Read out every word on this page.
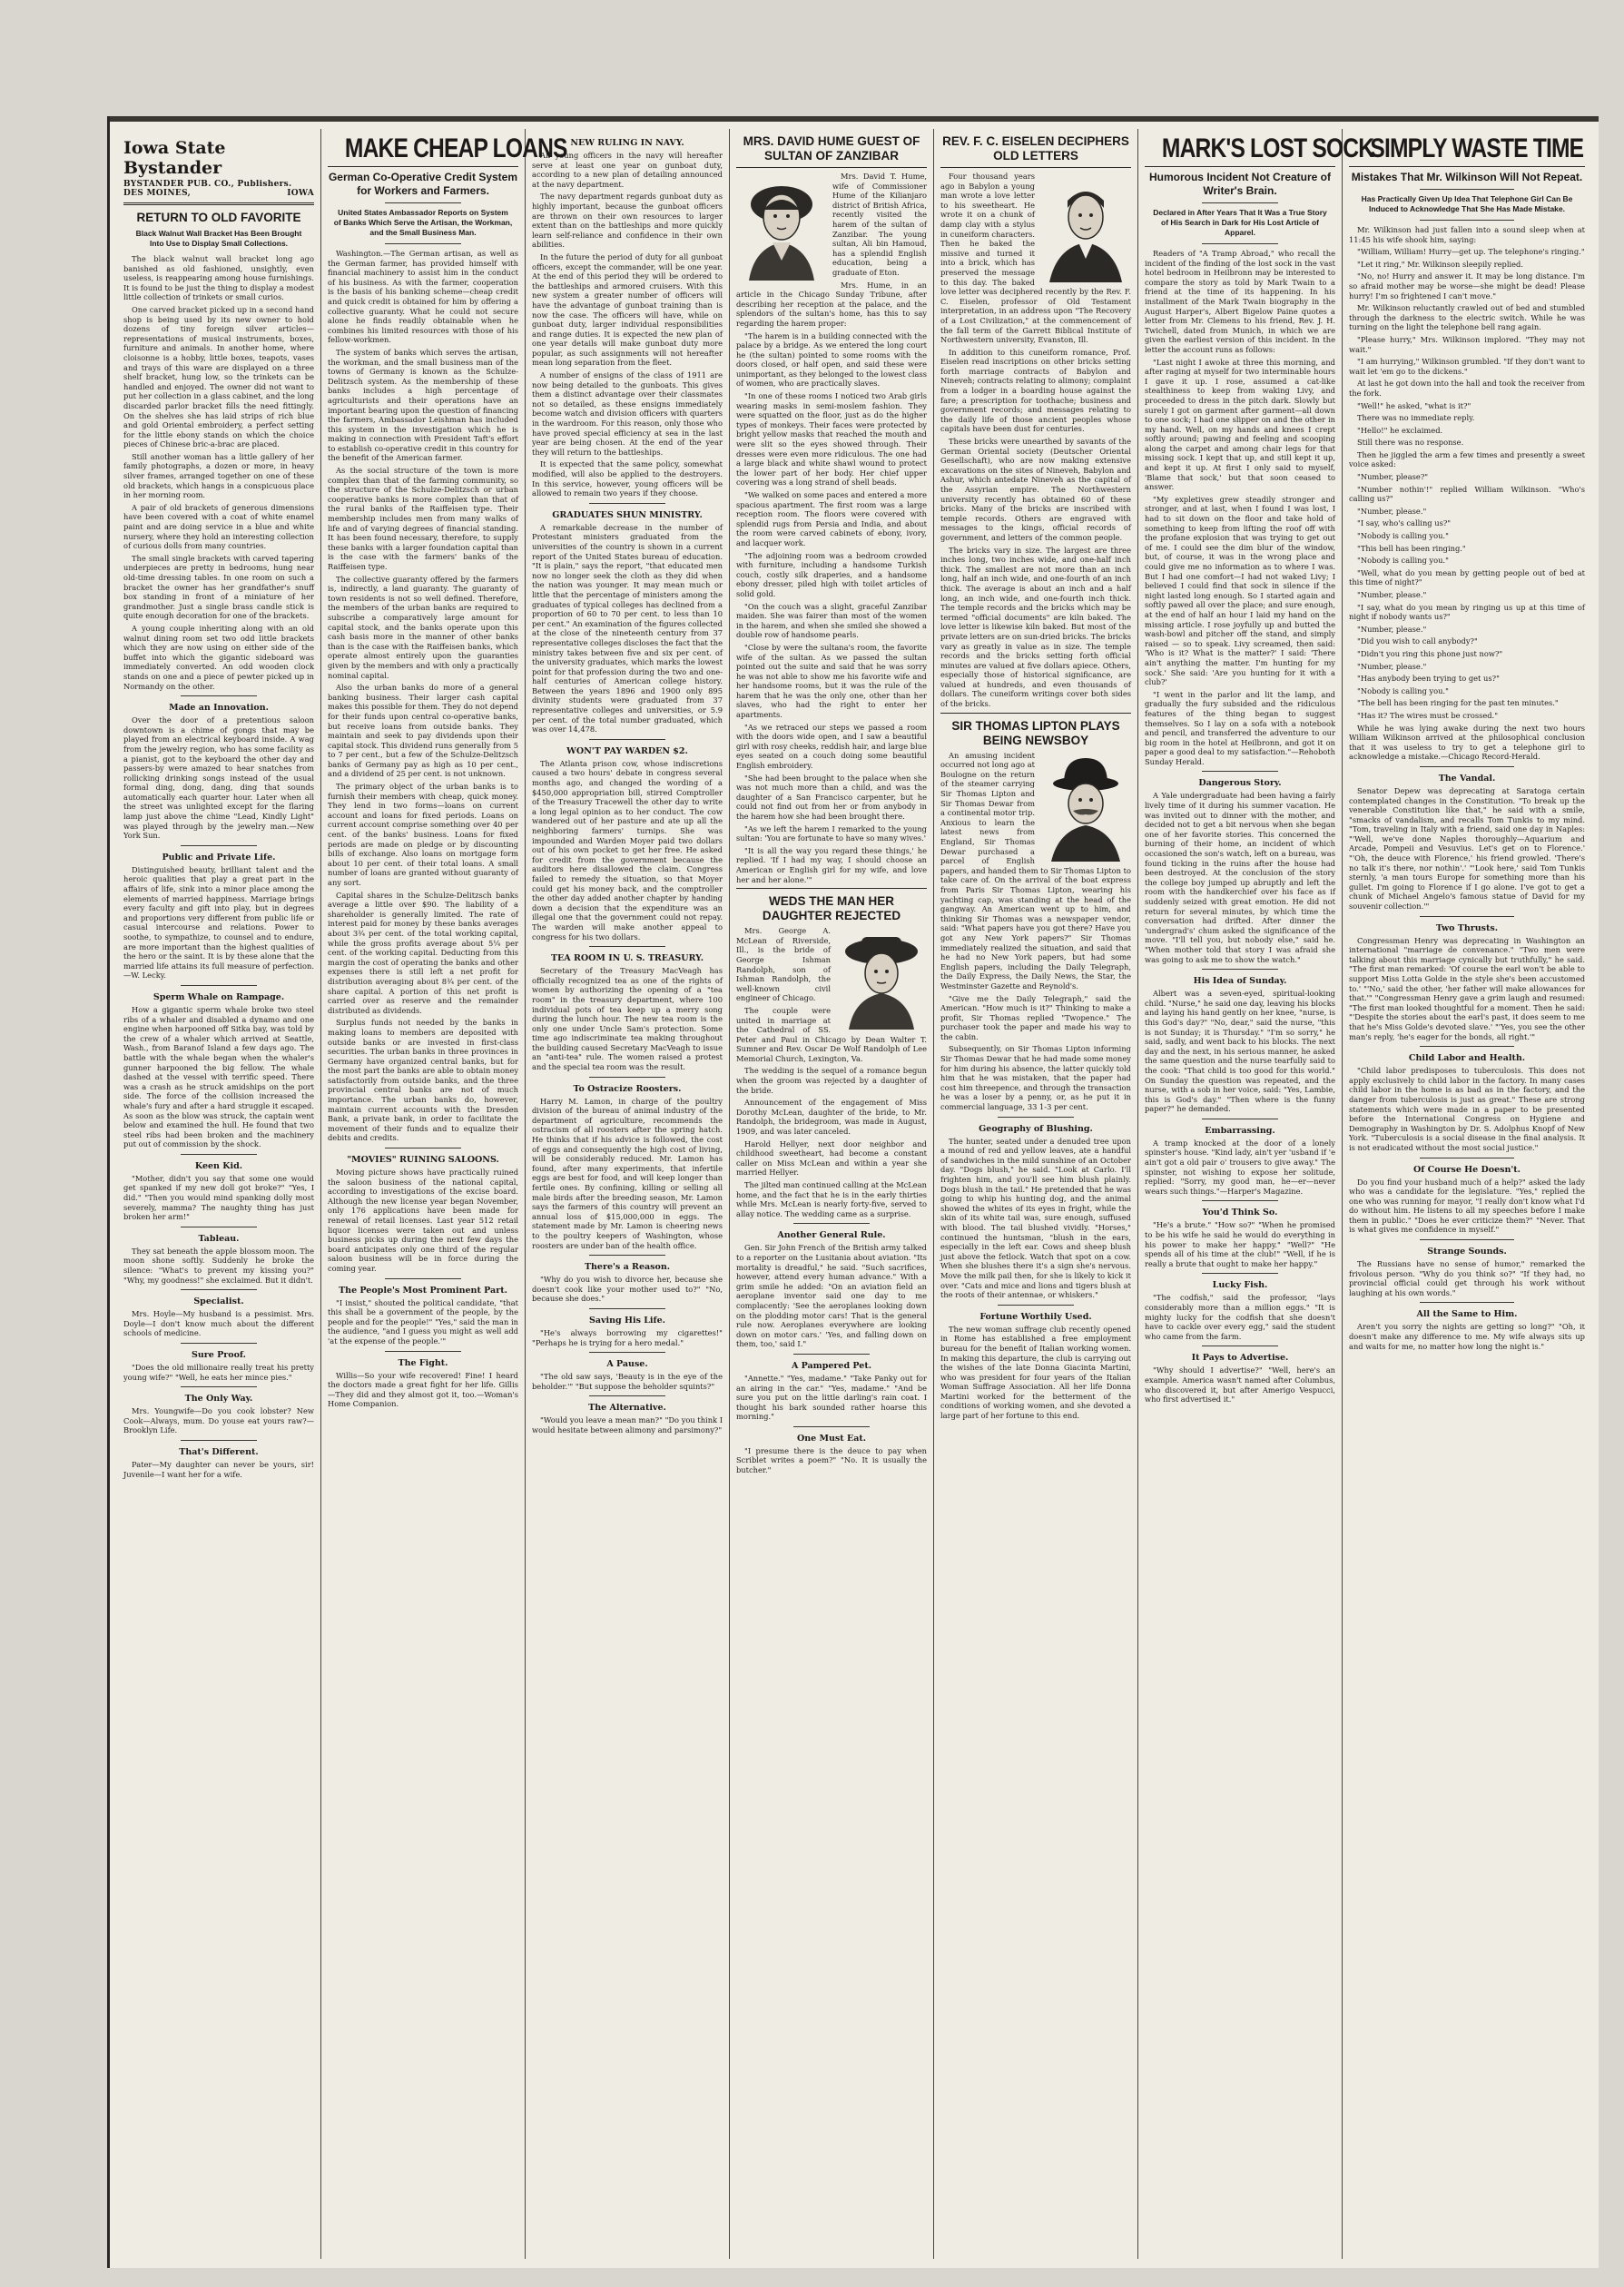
Iowa State Bystander
BYSTANDER PUB. CO., Publishers.
DES MOINES,	IOWA
RETURN TO OLD FAVORITE
Black Walnut Wall Bracket Has Been Brought Into Use to Display Small Collections.

The black walnut wall bracket long ago banished as old fashioned, unsightly, even useless, is reappearing among house furnishings. It is found to be just the thing to display a modest little collection of trinkets or small curios.

One carved bracket picked up in a second hand shop is being used by its new owner to hold dozens of tiny foreign silver articles—representations of musical instruments, boxes, furniture and animals. In another home, where cloisonne is a hobby, little boxes, teapots, vases and trays of this ware are displayed on a three shelf bracket, hung low, so the trinkets can be handled and enjoyed. The owner did not want to put her collection in a glass cabinet, and the long discarded parlor bracket fills the need fittingly. On the shelves she has laid strips of rich blue and gold Oriental embroidery, a perfect setting for the little ebony stands on which the choice pieces of Chinese bric-a-brac are placed.

Still another woman has a little gallery of her family photographs, a dozen or more, in heavy silver frames, arranged together on one of these old brackets, which hangs in a conspicuous place in her morning room.

A pair of old brackets of generous dimensions have been covered with a coat of white enamel paint and are doing service in a blue and white nursery, where they hold an interesting collection of curious dolls from many countries.

The small single brackets with carved tapering underpieces are pretty in bedrooms, hung near old-time dressing tables. In one room on such a bracket the owner has her grandfather's snuff box standing in front of a miniature of her grandmother. Just a single brass candle stick is quite enough decoration for one of the brackets.

A young couple inheriting along with an old walnut dining room set two odd little brackets which they are now using on either side of the buffet into which the gigantic sideboard was immediately converted. An odd wooden clock stands on one and a piece of pewter picked up in Normandy on the other.

Made an Innovation.

Over the door of a pretentious saloon downtown is a chime of gongs that may be played from an electrical keyboard inside. A wag from the jewelry region, who has some facility as a pianist, got to the keyboard the other day and passers-by were amazed to hear snatches from rollicking drinking songs instead of the usual formal ding, dong, dang, ding that sounds automatically each quarter hour. Later when all the street was unlighted except for the flaring lamp just above the chime "Lead, Kindly Light" was played through by the jewelry man.—New York Sun.

Public and Private Life.

Distinguished beauty, brilliant talent and the heroic qualities that play a great part in the affairs of life, sink into a minor place among the elements of married happiness. Marriage brings every faculty and gift into play, but in degrees and proportions very different from public life or casual intercourse and relations. Power to soothe, to sympathize, to counsel and to endure, are more important than the highest qualities of the hero or the saint. It is by these alone that the married life attains its full measure of perfection.—W. Lecky.

Sperm Whale on Rampage.

How a gigantic sperm whale broke two steel ribs of a whaler and disabled a dynamo and one engine when harpooned off Sitka bay, was told by the crew of a whaler which arrived at Seattle, Wash., from Baranof Island a few days ago. The battle with the whale began when the whaler's gunner harpooned the big fellow. The whale dashed at the vessel with terrific speed. There was a crash as he struck amidships on the port side. The force of the collision increased the whale's fury and after a hard struggle it escaped. As soon as the blow was struck, the captain went below and examined the hull. He found that two steel ribs had been broken and the machinery put out of commission by the shock.

Keen Kid.

"Mother, didn't you say that some one would get spanked if my new doll got broke?" "Yes, I did." "Then you would mind spanking dolly most severely, mamma? The naughty thing has just broken her arm!"

Tableau.

They sat beneath the apple blossom moon. The moon shone softly. Suddenly he broke the silence: "What's to prevent my kissing you?" "Why, my goodness!" she exclaimed. But it didn't.

Specialist.

Mrs. Hoyle—My husband is a pessimist. Mrs. Doyle—I don't know much about the different schools of medicine.

Sure Proof.

"Does the old millionaire really treat his pretty young wife?" "Well, he eats her mince pies."

The Only Way.

Mrs. Youngwife—Do you cook lobster? New Cook—Always, mum. Do youse eat yours raw?—Brooklyn Life.

That's Different.

Pater—My daughter can never be yours, sir! Juvenile—I want her for a wife.

MAKE CHEAP LOANS
German Co-Operative Credit System for Workers and Farmers.
United States Ambassador Reports on System of Banks Which Serve the Artisan, the Workman, and the Small Business Man.

Washington.—The German artisan, as well as the German farmer, has provided himself with financial machinery to assist him in the conduct of his business. As with the farmer, cooperation is the basis of his banking scheme—cheap credit and quick credit is obtained for him by offering a collective guaranty. What he could not secure alone he finds readily obtainable when he combines his limited resources with those of his fellow-workmen.

The system of banks which serves the artisan, the workman, and the small business man of the towns of Germany is known as the Schulze-Delitzsch system. As the membership of these banks includes a high percentage of agriculturists and their operations have an important bearing upon the question of financing the farmers, Ambassador Leishman has included this system in the investigation which he is making in connection with President Taft's effort to establish co-operative credit in this country for the benefit of the American farmer.

As the social structure of the town is more complex than that of the farming community, so the structure of the Schulze-Delitzsch or urban cooperative banks is more complex than that of the rural banks of the Raiffeisen type. Their membership includes men from many walks of life and of varying degrees of financial standing. It has been found necessary, therefore, to supply these banks with a larger foundation capital than is the case with the farmers' banks of the Raiffeisen type.

The collective guaranty offered by the farmers is, indirectly, a land guaranty. The guaranty of town residents is not so well defined. Therefore, the members of the urban banks are required to subscribe a comparatively large amount for capital stock, and the banks operate upon this cash basis more in the manner of other banks than is the case with the Raiffeisen banks, which operate almost entirely upon the guaranties given by the members and with only a practically nominal capital.

Also the urban banks do more of a general banking business. Their larger cash capital makes this possible for them. They do not depend for their funds upon central co-operative banks, but receive loans from outside banks. They maintain and seek to pay dividends upon their capital stock. This dividend runs generally from 5 to 7 per cent., but a few of the Schulze-Delitzsch banks of Germany pay as high as 10 per cent., and a dividend of 25 per cent. is not unknown.

The primary object of the urban banks is to furnish their members with cheap, quick money. They lend in two forms—loans on current account and loans for fixed periods. Loans on current account comprise something over 40 per cent. of the banks' business. Loans for fixed periods are made on pledge or by discounting bills of exchange. Also loans on mortgage form about 10 per cent. of their total loans. A small number of loans are granted without guaranty of any sort.

Capital shares in the Schulze-Delitzsch banks average a little over $90. The liability of a shareholder is generally limited. The rate of interest paid for money by these banks averages about 3¾ per cent. of the total working capital, while the gross profits average about 5¼ per cent. of the working capital. Deducting from this margin the cost of operating the banks and other expenses there is still left a net profit for distribution averaging about 8¾ per cent. of the share capital. A portion of this net profit is carried over as reserve and the remainder distributed as dividends.

Surplus funds not needed by the banks in making loans to members are deposited with outside banks or are invested in first-class securities. The urban banks in three provinces in Germany have organized central banks, but for the most part the banks are able to obtain money satisfactorily from outside banks, and the three provincial central banks are not of much importance. The urban banks do, however, maintain current accounts with the Dresden Bank, a private bank, in order to facilitate the movement of their funds and to equalize their debits and credits.

"MOVIES" RUINING SALOONS.

Moving picture shows have practically ruined the saloon business of the national capital, according to investigations of the excise board. Although the new license year began November, only 176 applications have been made for renewal of retail licenses. Last year 512 retail liquor licenses were taken out and unless business picks up during the next few days the board anticipates only one third of the regular saloon business will be in force during the coming year.

The People's Most Prominent Part.

"I insist," shouted the political candidate, "that this shall be a government of the people, by the people and for the people!" "Yes," said the man in the audience, "and I guess you might as well add 'at the expense of the people.'"

The Fight.

Willis—So your wife recovered! Fine! I heard the doctors made a great fight for her life. Gillis—They did and they almost got it, too.—Woman's Home Companion.

NEW RULING IN NAVY.

All young officers in the navy will hereafter serve at least one year on gunboat duty, according to a new plan of detailing announced at the navy department.

The navy department regards gunboat duty as highly important, because the gunboat officers are thrown on their own resources to larger extent than on the battleships and more quickly learn self-reliance and confidence in their own abilities.

In the future the period of duty for all gunboat officers, except the commander, will be one year. At the end of this period they will be ordered to the battleships and armored cruisers. With this new system a greater number of officers will have the advantage of gunboat training than is now the case. The officers will have, while on gunboat duty, larger individual responsibilities and range duties. It is expected the new plan of one year details will make gunboat duty more popular, as such assignments will not hereafter mean long separation from the fleet.

A number of ensigns of the class of 1911 are now being detailed to the gunboats. This gives them a distinct advantage over their classmates not so detailed, as these ensigns immediately become watch and division officers with quarters in the wardroom. For this reason, only those who have proved special efficiency at sea in the last year are being chosen. At the end of the year they will return to the battleships.

It is expected that the same policy, somewhat modified, will also be applied to the destroyers. In this service, however, young officers will be allowed to remain two years if they choose.

GRADUATES SHUN MINISTRY.

A remarkable decrease in the number of Protestant ministers graduated from the universities of the country is shown in a current report of the United States bureau of education. "It is plain," says the report, "that educated men now no longer seek the cloth as they did when the nation was younger. It may mean much or little that the percentage of ministers among the graduates of typical colleges has declined from a proportion of 60 to 70 per cent. to less than 10 per cent." An examination of the figures collected at the close of the nineteenth century from 37 representative colleges discloses the fact that the ministry takes between five and six per cent. of the university graduates, which marks the lowest point for that profession during the two and one-half centuries of American college history. Between the years 1896 and 1900 only 895 divinity students were graduated from 37 representative colleges and universities, or 5.9 per cent. of the total number graduated, which was over 14,478.

WON'T PAY WARDEN $2.

The Atlanta prison cow, whose indiscretions caused a two hours' debate in congress several months ago, and changed the wording of a $450,000 appropriation bill, stirred Comptroller of the Treasury Tracewell the other day to write a long legal opinion as to her conduct. The cow wandered out of her pasture and ate up all the neighboring farmers' turnips. She was impounded and Warden Moyer paid two dollars out of his own pocket to get her free. He asked for credit from the government because the auditors here disallowed the claim. Congress failed to remedy the situation, so that Moyer could get his money back, and the comptroller the other day added another chapter by handing down a decision that the expenditure was an illegal one that the government could not repay. The warden will make another appeal to congress for his two dollars.

TEA ROOM IN U. S. TREASURY.

Secretary of the Treasury MacVeagh has officially recognized tea as one of the rights of women by authorizing the opening of a "tea room" in the treasury department, where 100 individual pots of tea keep up a merry song during the lunch hour. The new tea room is the only one under Uncle Sam's protection. Some time ago indiscriminate tea making throughout the building caused Secretary MacVeagh to issue an "anti-tea" rule. The women raised a protest and the special tea room was the result.

To Ostracize Roosters.

Harry M. Lamon, in charge of the poultry division of the bureau of animal industry of the department of agriculture, recommends the ostracism of all roosters after the spring hatch. He thinks that if his advice is followed, the cost of eggs and consequently the high cost of living, will be considerably reduced. Mr. Lamon has found, after many experiments, that infertile eggs are best for food, and will keep longer than fertile ones. By confining, killing or selling all male birds after the breeding season, Mr. Lamon says the farmers of this country will prevent an annual loss of $15,000,000 in eggs. The statement made by Mr. Lamon is cheering news to the poultry keepers of Washington, whose roosters are under ban of the health office.

There's a Reason.

"Why do you wish to divorce her, because she doesn't cook like your mother used to?" "No, because she does."

Saving His Life.

"He's always borrowing my cigarettes!" "Perhaps he is trying for a hero medal."

A Pause.

"The old saw says, 'Beauty is in the eye of the beholder.'" "But suppose the beholder squints?"

The Alternative.

"Would you leave a mean man?" "Do you think I would hesitate between alimony and parsimony?"

MRS. DAVID HUME GUEST OF SULTAN OF ZANZIBAR

Mrs. David T. Hume, wife of Commissioner Hume of the Kilianjaro district of British Africa, recently visited the harem of the sultan of Zanzibar. The young sultan, Ali bin Hamoud, has a splendid English education, being a graduate of Eton.

Mrs. Hume, in an article in the Chicago Sunday Tribune, after describing her reception at the palace, and the splendors of the sultan's home, has this to say regarding the harem proper:

"The harem is in a building connected with the palace by a bridge. As we entered the long court he (the sultan) pointed to some rooms with the doors closed, or half open, and said these were unimportant, as they belonged to the lowest class of women, who are practically slaves.

"In one of these rooms I noticed two Arab girls wearing masks in semi-moslem fashion. They were squatted on the floor, just as do the higher types of monkeys. Their faces were protected by bright yellow masks that reached the mouth and were slit so the eyes showed through. Their dresses were even more ridiculous. The one had a large black and white shawl wound to protect the lower part of her body. Her chief upper covering was a long strand of shell beads.

"We walked on some paces and entered a more spacious apartment. The first room was a large reception room. The floors were covered with splendid rugs from Persia and India, and about the room were carved cabinets of ebony, ivory, and lacquer work.

"The adjoining room was a bedroom crowded with furniture, including a handsome Turkish couch, costly silk draperies, and a handsome ebony dresser, piled high with toilet articles of solid gold.

"On the couch was a slight, graceful Zanzibar maiden. She was fairer than most of the women in the harem, and when she smiled she showed a double row of handsome pearls.

"Close by were the sultana's room, the favorite wife of the sultan. As we passed the sultan pointed out the suite and said that he was sorry he was not able to show me his favorite wife and her handsome rooms, but it was the rule of the harem that he was the only one, other than her slaves, who had the right to enter her apartments.

"As we retraced our steps we passed a room with the doors wide open, and I saw a beautiful girl with rosy cheeks, reddish hair, and large blue eyes seated on a couch doing some beautiful English embroidery.

"She had been brought to the palace when she was not much more than a child, and was the daughter of a San Francisco carpenter, but he could not find out from her or from anybody in the harem how she had been brought there.

"As we left the harem I remarked to the young sultan: 'You are fortunate to have so many wives.'

"It is all the way you regard these things,' he replied. 'If I had my way, I should choose an American or English girl for my wife, and love her and her alone.'"

WEDS THE MAN HER DAUGHTER REJECTED

Mrs. George A. McLean of Riverside, Ill., is the bride of George Ishman Randolph, son of Ishman Randolph, the well-known civil engineer of Chicago.

The couple were united in marriage at the Cathedral of SS. Peter and Paul in Chicago by Dean Walter T. Sumner and Rev. Oscar De Wolf Randolph of Lee Memorial Church, Lexington, Va.

The wedding is the sequel of a romance begun when the groom was rejected by a daughter of the bride.

Announcement of the engagement of Miss Dorothy McLean, daughter of the bride, to Mr. Randolph, the bridegroom, was made in August, 1909, and was later canceled.

Harold Hellyer, next door neighbor and childhood sweetheart, had become a constant caller on Miss McLean and within a year she married Hellyer.

The jilted man continued calling at the McLean home, and the fact that he is in the early thirties while Mrs. McLean is nearly forty-five, served to allay notice. The wedding came as a surprise.

Another General Rule.

Gen. Sir John French of the British army talked to a reporter on the Lusitania about aviation. "Its mortality is dreadful," he said. "Such sacrifices, however, attend every human advance." With a grim smile he added: "On an aviation field an aeroplane inventor said one day to me complacently: 'See the aeroplanes looking down on the plodding motor cars! That is the general rule now. Aeroplanes everywhere are looking down on motor cars.' 'Yes, and falling down on them, too,' said I."

A Pampered Pet.

"Annette." "Yes, madame." "Take Panky out for an airing in the car." "Yes, madame." "And be sure you put on the little darling's rain coat. I thought his bark sounded rather hoarse this morning."

One Must Eat.

"I presume there is the deuce to pay when Scriblet writes a poem?" "No. It is usually the butcher."

REV. F. C. EISELEN DECIPHERS OLD LETTERS

Four thousand years ago in Babylon a young man wrote a love letter to his sweetheart. He wrote it on a chunk of damp clay with a stylus in cuneiform characters. Then he baked the missive and turned it into a brick, which has preserved the message to this day. The baked love letter was deciphered recently by the Rev. F. C. Eiselen, professor of Old Testament interpretation, in an address upon "The Recovery of a Lost Civilization," at the commencement of the fall term of the Garrett Biblical Institute of Northwestern university, Evanston, Ill.

In addition to this cuneiform romance, Prof. Eiselen read inscriptions on other bricks setting forth marriage contracts of Babylon and Nineveh; contracts relating to alimony; complaint from a lodger in a boarding house against the fare; a prescription for toothache; business and government records; and messages relating to the daily life of those ancient peoples whose capitals have been dust for centuries.

These bricks were unearthed by savants of the German Oriental society (Deutscher Oriental Gesellschaft), who are now making extensive excavations on the sites of Nineveh, Babylon and Ashur, which antedate Nineveh as the capital of the Assyrian empire. The Northwestern university recently has obtained 60 of these bricks. Many of the bricks are inscribed with temple records. Others are engraved with messages to the kings, official records of government, and letters of the common people.

The bricks vary in size. The largest are three inches long, two inches wide, and one-half inch thick. The smallest are not more than an inch long, half an inch wide, and one-fourth of an inch thick. The average is about an inch and a half long, an inch wide, and one-fourth inch thick. The temple records and the bricks which may be termed "official documents" are kiln baked. The love letter is likewise kiln baked. But most of the private letters are on sun-dried bricks. The bricks vary as greatly in value as in size. The temple records and the bricks setting forth official minutes are valued at five dollars apiece. Others, especially those of historical significance, are valued at hundreds, and even thousands of dollars. The cuneiform writings cover both sides of the bricks.

SIR THOMAS LIPTON PLAYS BEING NEWSBOY

An amusing incident occurred not long ago at Boulogne on the return of the steamer carrying Sir Thomas Lipton and Sir Thomas Dewar from a continental motor trip. Anxious to learn the latest news from England, Sir Thomas Dewar purchased a parcel of English papers, and handed them to Sir Thomas Lipton to take care of. On the arrival of the boat express from Paris Sir Thomas Lipton, wearing his yachting cap, was standing at the head of the gangway. An American went up to him, and thinking Sir Thomas was a newspaper vendor, said: "What papers have you got there? Have you got any New York papers?" Sir Thomas immediately realized the situation, and said that he had no New York papers, but had some English papers, including the Daily Telegraph, the Daily Express, the Daily News, the Star, the Westminster Gazette and Reynold's.

"Give me the Daily Telegraph," said the American. "How much is it?" Thinking to make a profit, Sir Thomas replied "Twopence." The purchaser took the paper and made his way to the cabin.

Subsequently, on Sir Thomas Lipton informing Sir Thomas Dewar that he had made some money for him during his absence, the latter quickly told him that he was mistaken, that the paper had cost him threepence, and through the transaction he was a loser by a penny, or, as he put it in commercial language, 33 1-3 per cent.

Geography of Blushing.

The hunter, seated under a denuded tree upon a mound of red and yellow leaves, ate a handful of sandwiches in the mild sunshine of an October day. "Dogs blush," he said. "Look at Carlo. I'll frighten him, and you'll see him blush plainly. Dogs blush in the tail." He pretended that he was going to whip his hunting dog, and the animal showed the whites of its eyes in fright, while the skin of its white tail was, sure enough, suffused with blood. The tail blushed vividly. "Horses," continued the huntsman, "blush in the ears, especially in the left ear. Cows and sheep blush just above the fetlock. Watch that spot on a cow. When she blushes there it's a sign she's nervous. Move the milk pail then, for she is likely to kick it over. "Cats and mice and lions and tigers blush at the roots of their antennae, or whiskers."

Fortune Worthily Used.

The new woman suffrage club recently opened in Rome has established a free employment bureau for the benefit of Italian working women. In making this departure, the club is carrying out the wishes of the late Donna Giacinta Martini, who was president for four years of the Italian Woman Suffrage Association. All her life Donna Martini worked for the betterment of the conditions of working women, and she devoted a large part of her fortune to this end.

MARK'S LOST SOCK
Humorous Incident Not Creature of Writer's Brain.
Declared in After Years That It Was a True Story of His Search in Dark for His Lost Article of Apparel.

Readers of "A Tramp Abroad," who recall the incident of the finding of the lost sock in the vast hotel bedroom in Heilbronn may be interested to compare the story as told by Mark Twain to a friend at the time of its happening. In his installment of the Mark Twain biography in the August Harper's, Albert Bigelow Paine quotes a letter from Mr. Clemens to his friend, Rev. J. H. Twichell, dated from Munich, in which we are given the earliest version of this incident. In the letter the account runs as follows:

"Last night I awoke at three this morning, and after raging at myself for two interminable hours I gave it up. I rose, assumed a cat-like stealthiness to keep from waking Livy, and proceeded to dress in the pitch dark. Slowly but surely I got on garment after garment—all down to one sock; I had one slipper on and the other in my hand. Well, on my hands and knees I crept softly around; pawing and feeling and scooping along the carpet and among chair legs for that missing sock. I kept that up, and still kept it up, and kept it up. At first I only said to myself, 'Blame that sock,' but that soon ceased to answer.

"My expletives grew steadily stronger and stronger, and at last, when I found I was lost, I had to sit down on the floor and take hold of something to keep from lifting the roof off with the profane explosion that was trying to get out of me. I could see the dim blur of the window, but, of course, it was in the wrong place and could give me no information as to where I was. But I had one comfort—I had not waked Livy; I believed I could find that sock in silence if the night lasted long enough. So I started again and softly pawed all over the place; and sure enough, at the end of half an hour I laid my hand on the missing article. I rose joyfully up and butted the wash-bowl and pitcher off the stand, and simply raised — so to speak. Livy screamed, then said: 'Who is it? What is the matter?' I said: 'There ain't anything the matter. I'm hunting for my sock.' She said: 'Are you hunting for it with a club?'

"I went in the parlor and lit the lamp, and gradually the fury subsided and the ridiculous features of the thing began to suggest themselves. So I lay on a sofa with a notebook and pencil, and transferred the adventure to our big room in the hotel at Heilbronn, and got it on paper a good deal to my satisfaction."—Rehoboth Sunday Herald.

Dangerous Story.

A Yale undergraduate had been having a fairly lively time of it during his summer vacation. He was invited out to dinner with the mother, and decided not to get a bit nervous when she began one of her favorite stories. This concerned the burning of their home, an incident of which occasioned the son's watch, left on a bureau, was found ticking in the ruins after the house had been destroyed. At the conclusion of the story the college boy jumped up abruptly and left the room with the handkerchief over his face as if suddenly seized with great emotion. He did not return for several minutes, by which time the conversation had drifted. After dinner the 'undergrad's' chum asked the significance of the move. "I'll tell you, but nobody else," said he. "When mother told that story I was afraid she was going to ask me to show the watch."

His Idea of Sunday.

Albert was a seven-eyed, spiritual-looking child. "Nurse," he said one day, leaving his blocks and laying his hand gently on her knee, "nurse, is this God's day?" "No, dear," said the nurse, "this is not Sunday; it is Thursday." "I'm so sorry," he said, sadly, and went back to his blocks. The next day and the next, in his serious manner, he asked the same question and the nurse tearfully said to the cook: "That child is too good for this world." On Sunday the question was repeated, and the nurse, with a sob in her voice, said: "Yes, Lambie, this is God's day." "Then where is the funny paper?" he demanded.

Embarrassing.

A tramp knocked at the door of a lonely spinster's house. "Kind lady, ain't yer 'usband if 'e ain't got a old pair o' trousers to give away." The spinster, not wishing to expose her solitude, replied: "Sorry, my good man, he—er—never wears such things."—Harper's Magazine.

You'd Think So.

"He's a brute." "How so?" "When he promised to be his wife he said he would do everything in his power to make her happy." "Well?" "He spends all of his time at the club!" "Well, if he is really a brute that ought to make her happy."

Lucky Fish.

"The codfish," said the professor, "lays considerably more than a million eggs." "It is mighty lucky for the codfish that she doesn't have to cackle over every egg," said the student who came from the farm.

It Pays to Advertise.

"Why should I advertise?" "Well, here's an example. America wasn't named after Columbus, who discovered it, but after Amerigo Vespucci, who first advertised it."

SIMPLY WASTE TIME
Mistakes That Mr. Wilkinson Will Not Repeat.
Has Practically Given Up Idea That Telephone Girl Can Be Induced to Acknowledge That She Has Made Mistake.

Mr. Wilkinson had just fallen into a sound sleep when at 11:45 his wife shook him, saying:

"William, William! Hurry—get up. The telephone's ringing."

"Let it ring," Mr. Wilkinson sleepily replied.

"No, no! Hurry and answer it. It may be long distance. I'm so afraid mother may be worse—she might be dead! Please hurry! I'm so frightened I can't move."

Mr. Wilkinson reluctantly crawled out of bed and stumbled through the darkness to the electric switch. While he was turning on the light the telephone bell rang again.

"Please hurry," Mrs. Wilkinson implored. "They may not wait."

"I am hurrying," Wilkinson grumbled. "If they don't want to wait let 'em go to the dickens."

At last he got down into the hall and took the receiver from the fork.

"Well!" he asked, "what is it?"

There was no immediate reply.

"Hello!" he exclaimed.

Still there was no response.

Then he jiggled the arm a few times and presently a sweet voice asked:

"Number, please?"

"Number nothin'!" replied William Wilkinson. "Who's calling us?"

"Number, please."

"I say, who's calling us?"

"Nobody is calling you."

"This bell has been ringing."

"Nobody is calling you."

"Well, what do you mean by getting people out of bed at this time of night?"

"Number, please."

"I say, what do you mean by ringing us up at this time of night if nobody wants us?"

"Number, please."

"Did you wish to call anybody?"

"Didn't you ring this phone just now?"

"Number, please."

"Has anybody been trying to get us?"

"Nobody is calling you."

"The bell has been ringing for the past ten minutes."

"Has it? The wires must be crossed."

While he was lying awake during the next two hours William Wilkinson arrived at the philosophical conclusion that it was useless to try to get a telephone girl to acknowledge a mistake.—Chicago Record-Herald.

The Vandal.

Senator Depew was deprecating at Saratoga certain contemplated changes in the Constitution. "To break up the venerable Constitution like that," he said with a smile, "smacks of vandalism, and recalls Tom Tunkis to my mind. "Tom, traveling in Italy with a friend, said one day in Naples: "'Well, we've done Naples thoroughly—Aquarium and Arcade, Pompeii and Vesuvius. Let's get on to Florence.' "'Oh, the deuce with Florence,' his friend growled. 'There's no talk it's there, nor nothin'.' "'Look here,' said Tom Tunkis sternly, 'a man tours Europe for something more than his gullet. I'm going to Florence if I go alone. I've got to get a chunk of Michael Angelo's famous statue of David for my souvenir collection.'"

Two Thrusts.

Congressman Henry was deprecating in Washington an international "marriage de convenance." "Two men were talking about this marriage cynically but truthfully," he said. "The first man remarked: 'Of course the earl won't be able to support Miss Lotta Golde in the style she's been accustomed to.' "'No,' said the other, 'her father will make allowances for that.'" "Congressman Henry gave a grim laugh and resumed: "The first man looked thoughtful for a moment. Then he said: "'Despite the stories about the earl's past, it does seem to me that he's Miss Golde's devoted slave.' "'Yes, you see the other man's reply, 'he's eager for the bonds, all right.'"

Child Labor and Health.

"Child labor predisposes to tuberculosis. This does not apply exclusively to child labor in the factory. In many cases child labor in the home is as bad as in the factory, and the danger from tuberculosis is just as great." These are strong statements which were made in a paper to be presented before the International Congress on Hygiene and Demography in Washington by Dr. S. Adolphus Knopf of New York. "Tuberculosis is a social disease in the final analysis. It is not eradicated without the most social justice."

Of Course He Doesn't.

Do you find your husband much of a help?" asked the lady who was a candidate for the legislature. "Yes," replied the one who was running for mayor, "I really don't know what I'd do without him. He listens to all my speeches before I make them in public." "Does he ever criticize them?" "Never. That is what gives me confidence in myself."

Strange Sounds.

The Russians have no sense of humor," remarked the frivolous person. "Why do you think so?" "If they had, no provincial official could get through his work without laughing at his own words."

All the Same to Him.

Aren't you sorry the nights are getting so long?" "Oh, it doesn't make any difference to me. My wife always sits up and waits for me, no matter how long the night is."
